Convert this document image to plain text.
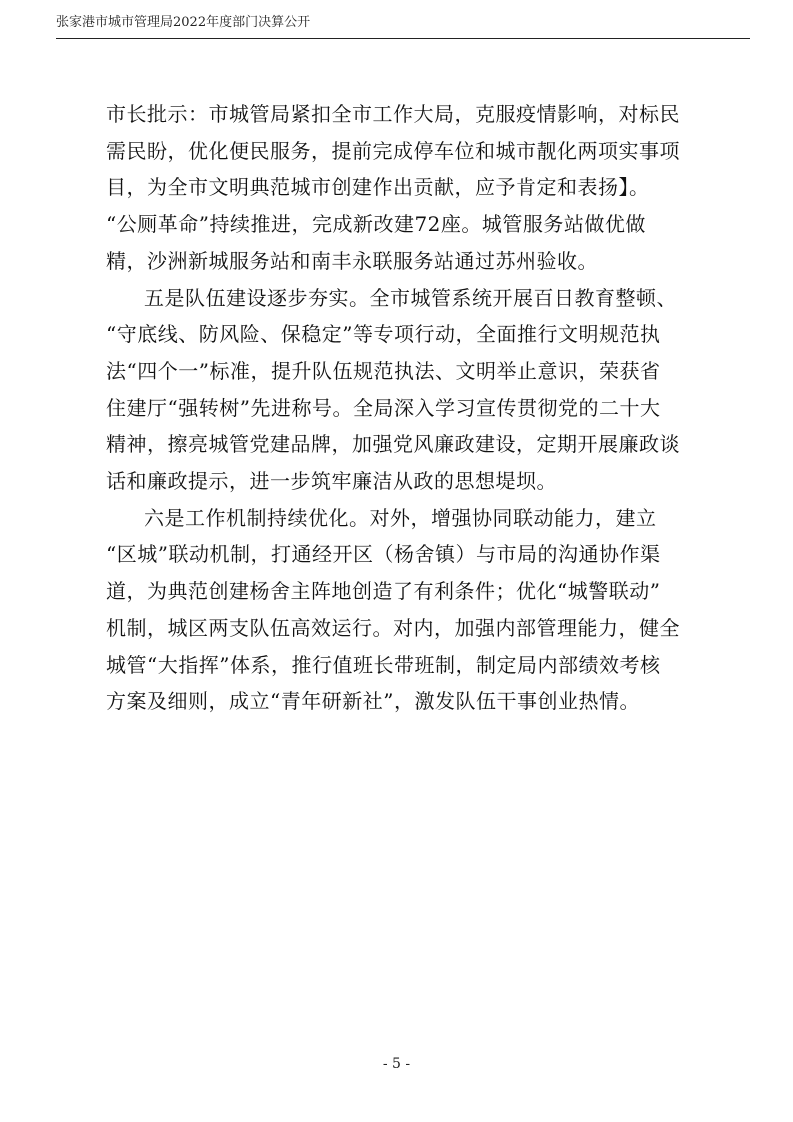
张家港市城市管理局2022年度部门决算公开
市长批示：市城管局紧扣全市工作大局，克服疫情影响，对标民
需民盼，优化便民服务，提前完成停车位和城市靓化两项实事项
目，为全市文明典范城市创建作出贡献，应予肯定和表扬】。
“公厕革命”持续推进，完成新改建72座。城管服务站做优做
精，沙洲新城服务站和南丰永联服务站通过苏州验收。
五是队伍建设逐步夯实。全市城管系统开展百日教育整顿、
“守底线、防风险、保稳定”等专项行动，全面推行文明规范执
法“四个一”标准，提升队伍规范执法、文明举止意识，荣获省
住建厅“强转树”先进称号。全局深入学习宣传贯彻党的二十大
精神，擦亮城管党建品牌，加强党风廉政建设，定期开展廉政谈
话和廉政提示，进一步筑牢廉洁从政的思想堤坝。
六是工作机制持续优化。对外，增强协同联动能力，建立
“区城”联动机制，打通经开区（杨舍镇）与市局的沟通协作渠
道，为典范创建杨舍主阵地创造了有利条件；优化“城警联动”
机制，城区两支队伍高效运行。对内，加强内部管理能力，健全
城管“大指挥”体系，推行值班长带班制，制定局内部绩效考核
方案及细则，成立“青年研新社”，激发队伍干事创业热情。
- 5 -
